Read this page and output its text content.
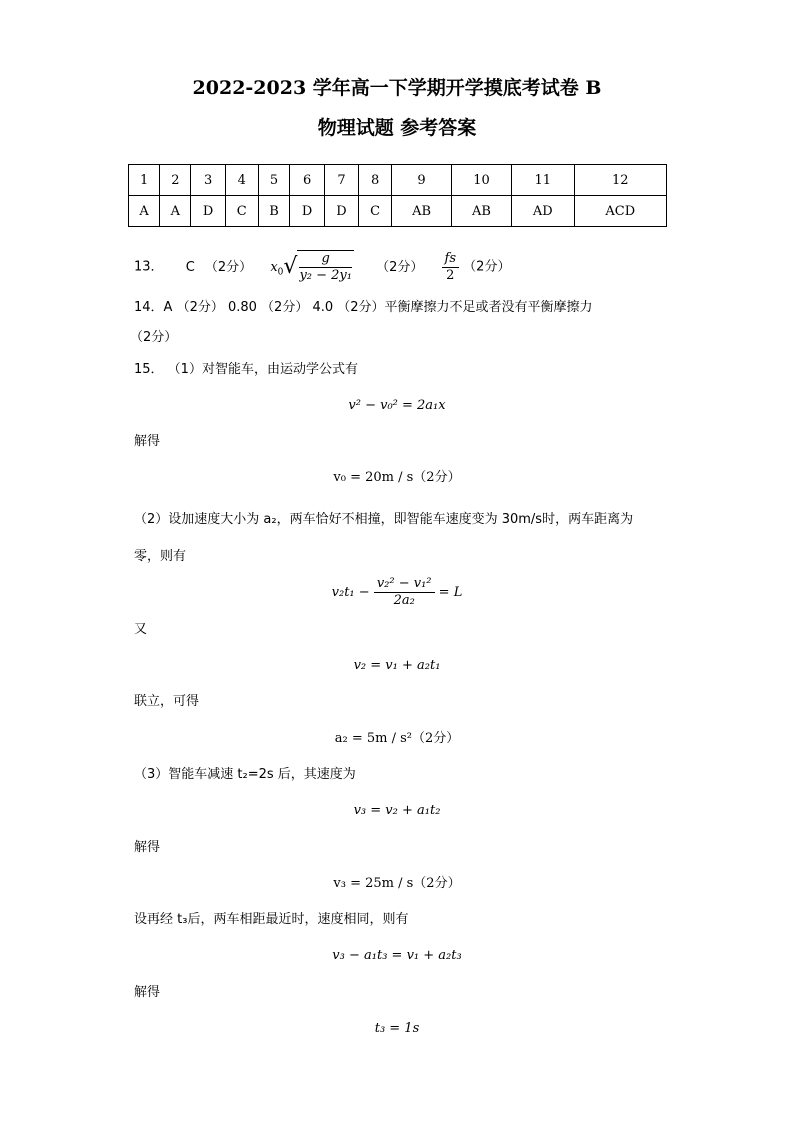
2022-2023 学年高一下学期开学摸底考试卷 B
物理试题 参考答案
1	2	3	4	5	6	7	8	9	10	11	12
A	A	D	C	B	D	D	C	AB	AB	AD	ACD
13． C （2分） $x_0√ \frac{g}{\text{y₂ − 2y₁}} (2$分） $\frac{fs}{2} (2$分）
14．A （2分） 0.80 （2分） 4.0 （2分）平衡摩擦力不足或者没有平衡摩擦力
（2分）
15． （1）对智能车，由运动学公式有
v² − v₀² = 2a₁x
解得
v₀ = 20m / s（2分）
（2）设加速度大小为 a₂，两车恰好不相撞，即智能车速度变为 30m/s时，两车距离为
零，则有
$v_2t_1 - \frac{\text{v₂² − v₁²}}{\text{2a₂}} = L$
又
v₂ = v₁ + a₂t₁
联立，可得
a₂ = 5m / s²（2分）
（3）智能车减速 t₂=2s 后，其速度为
v₃ = v₂ + a₁t₂
解得
v₃ = 25m / s（2分）
设再经 t₃后，两车相距最近时，速度相同，则有
v₃ − a₁t₃ = v₁ + a₂t₃
解得
t₃ = 1s
